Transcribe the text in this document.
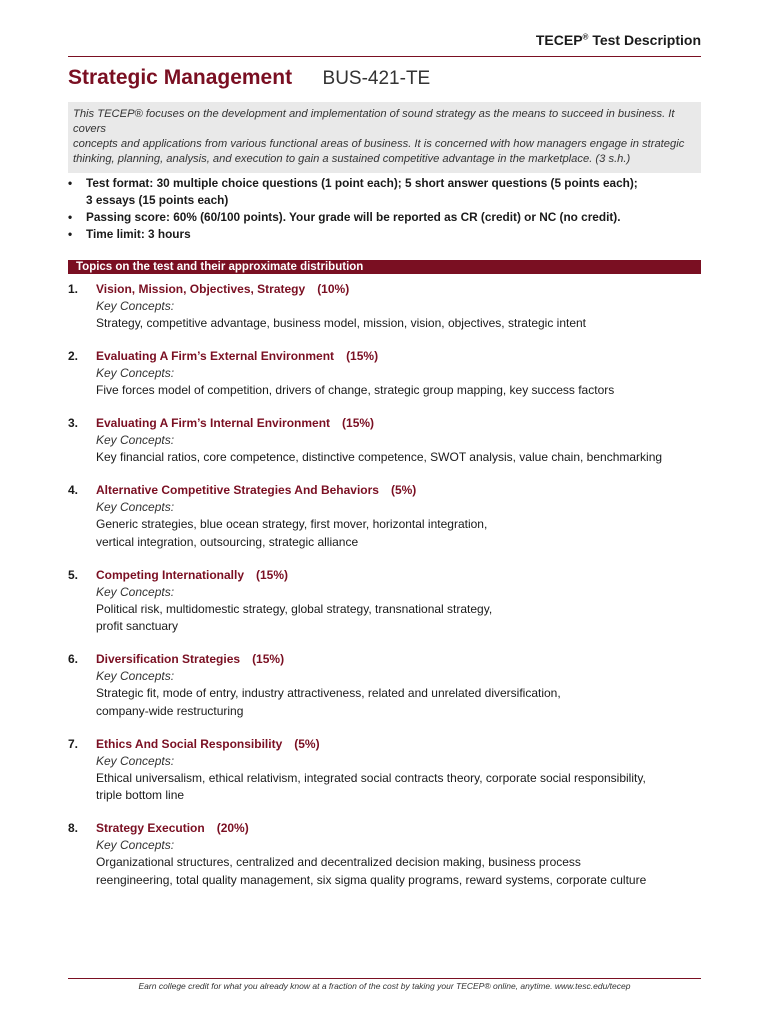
TECEP® Test Description
Strategic Management BUS-421-TE
This TECEP® focuses on the development and implementation of sound strategy as the means to succeed in business. It covers
concepts and applications from various functional areas of business. It is concerned with how managers engage in strategic
thinking, planning, analysis, and execution to gain a sustained competitive advantage in the marketplace. (3 s.h.)
• Test format: 30 multiple choice questions (1 point each); 5 short answer questions (5 points each);
3 essays (15 points each)
• Passing score: 60% (60/100 points). Your grade will be reported as CR (credit) or NC (no credit).
• Time limit: 3 hours
Topics on the test and their approximate distribution
1. Vision, Mission, Objectives, Strategy (10%)
Key Concepts:
Strategy, competitive advantage, business model, mission, vision, objectives, strategic intent
2. Evaluating A Firm’s External Environment (15%)
Key Concepts:
Five forces model of competition, drivers of change, strategic group mapping, key success factors
3. Evaluating A Firm’s Internal Environment (15%)
Key Concepts:
Key financial ratios, core competence, distinctive competence, SWOT analysis, value chain, benchmarking
4. Alternative Competitive Strategies And Behaviors (5%)
Key Concepts:
Generic strategies, blue ocean strategy, first mover, horizontal integration,
vertical integration, outsourcing, strategic alliance
5. Competing Internationally (15%)
Key Concepts:
Political risk, multidomestic strategy, global strategy, transnational strategy,
profit sanctuary
6. Diversification Strategies (15%)
Key Concepts:
Strategic fit, mode of entry, industry attractiveness, related and unrelated diversification,
company-wide restructuring
7. Ethics And Social Responsibility (5%)
Key Concepts:
Ethical universalism, ethical relativism, integrated social contracts theory, corporate social responsibility,
triple bottom line
8. Strategy Execution (20%)
Key Concepts:
Organizational structures, centralized and decentralized decision making, business process
reengineering, total quality management, six sigma quality programs, reward systems, corporate culture
Earn college credit for what you already know at a fraction of the cost by taking your TECEP® online, anytime. www.tesc.edu/tecep
